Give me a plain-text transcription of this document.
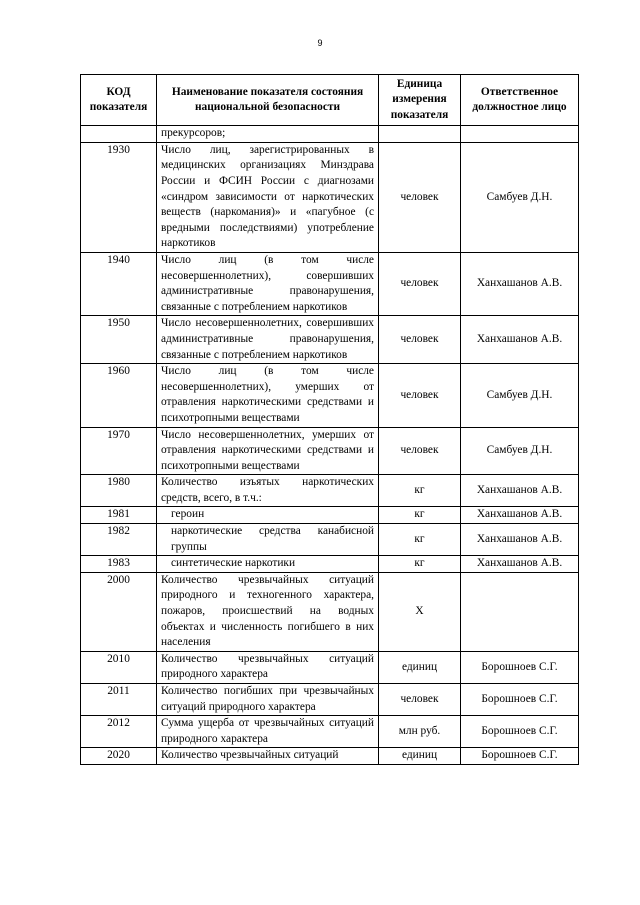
9
КОД показателя	Наименование показателя состояния национальной безопасности	Единица измерения показателя	Ответственное должностное лицо
	прекурсоров;		
1930	Число лиц, зарегистрированных в медицинских организациях Минздрава России и ФСИН России с диагнозами «синдром зависимости от наркотических веществ (наркомания)» и «пагубное (с вредными последствиями) употребление наркотиков	человек	Самбуев Д.Н.
1940	Число лиц (в том числе несовершеннолетних), совершивших административные правонарушения, связанные с потреблением наркотиков	человек	Ханхашанов А.В.
1950	Число несовершеннолетних, совершивших административные правонарушения, связанные с потреблением наркотиков	человек	Ханхашанов А.В.
1960	Число лиц (в том числе несовершеннолетних), умерших от отравления наркотическими средствами и психотропными веществами	человек	Самбуев Д.Н.
1970	Число несовершеннолетних, умерших от отравления наркотическими средствами и психотропными веществами	человек	Самбуев Д.Н.
1980	Количество изъятых наркотических средств, всего, в т.ч.:	кг	Ханхашанов А.В.
1981	героин	кг	Ханхашанов А.В.
1982	наркотические средства канабисной группы	кг	Ханхашанов А.В.
1983	синтетические наркотики	кг	Ханхашанов А.В.
2000	Количество чрезвычайных ситуаций природного и техногенного характера, пожаров, происшествий на водных объектах и численность погибшего в них населения	X	
2010	Количество чрезвычайных ситуаций природного характера	единиц	Борошноев С.Г.
2011	Количество погибших при чрезвычайных ситуаций природного характера	человек	Борошноев С.Г.
2012	Сумма ущерба от чрезвычайных ситуаций природного характера	млн руб.	Борошноев С.Г.
2020	Количество чрезвычайных ситуаций	единиц	Борошноев С.Г.
